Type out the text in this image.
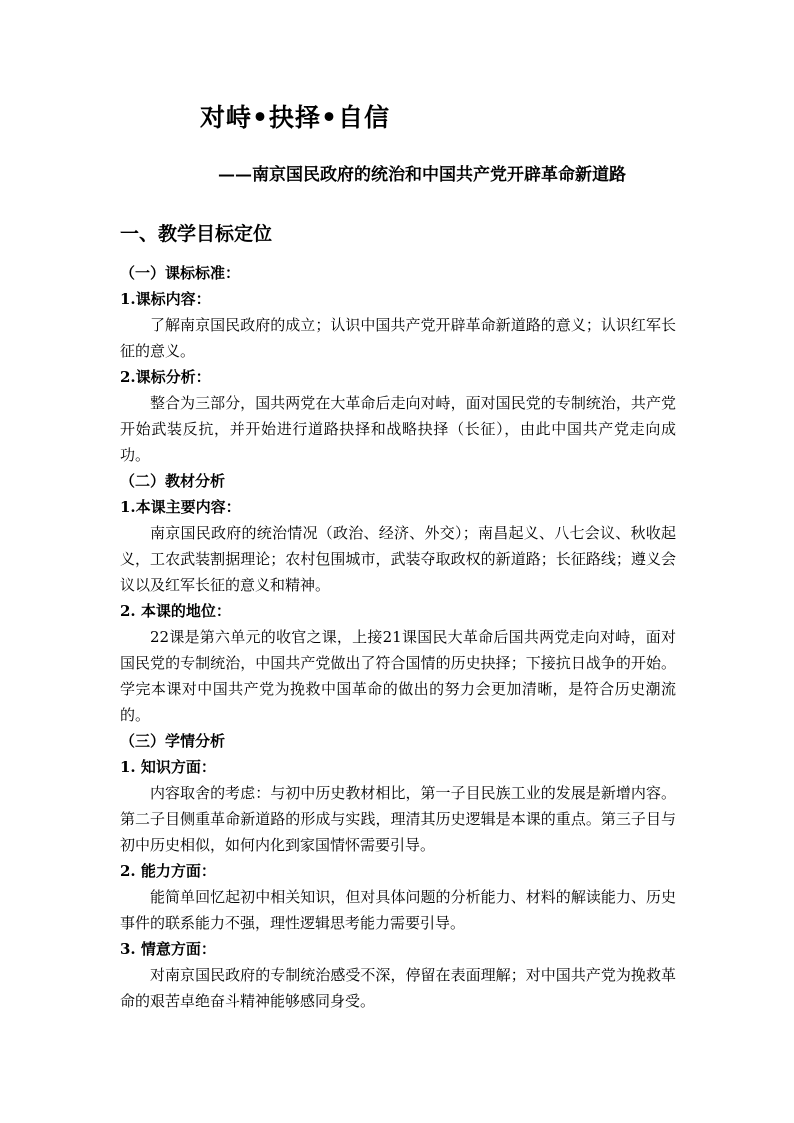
对峙•抉择•自信
——南京国民政府的统治和中国共产党开辟革命新道路
一、教学目标定位

（一）课标标准：

1.课标内容：

了解南京国民政府的成立；认识中国共产党开辟革命新道路的意义；认识红军长征的意义。

2.课标分析：

整合为三部分，国共两党在大革命后走向对峙，面对国民党的专制统治，共产党开始武装反抗，并开始进行道路抉择和战略抉择（长征），由此中国共产党走向成功。

（二）教材分析

1.本课主要内容：

南京国民政府的统治情况（政治、经济、外交）；南昌起义、八七会议、秋收起义，工农武装割据理论；农村包围城市，武装夺取政权的新道路；长征路线；遵义会议以及红军长征的意义和精神。

2. 本课的地位：

22课是第六单元的收官之课，上接21课国民大革命后国共两党走向对峙，面对国民党的专制统治，中国共产党做出了符合国情的历史抉择；下接抗日战争的开始。学完本课对中国共产党为挽救中国革命的做出的努力会更加清晰，是符合历史潮流的。

（三）学情分析

1. 知识方面：

内容取舍的考虑：与初中历史教材相比，第一子目民族工业的发展是新增内容。第二子目侧重革命新道路的形成与实践，理清其历史逻辑是本课的重点。第三子目与初中历史相似，如何内化到家国情怀需要引导。

2. 能力方面：

能简单回忆起初中相关知识，但对具体问题的分析能力、材料的解读能力、历史事件的联系能力不强，理性逻辑思考能力需要引导。

3. 情意方面：

对南京国民政府的专制统治感受不深，停留在表面理解；对中国共产党为挽救革命的艰苦卓绝奋斗精神能够感同身受。
